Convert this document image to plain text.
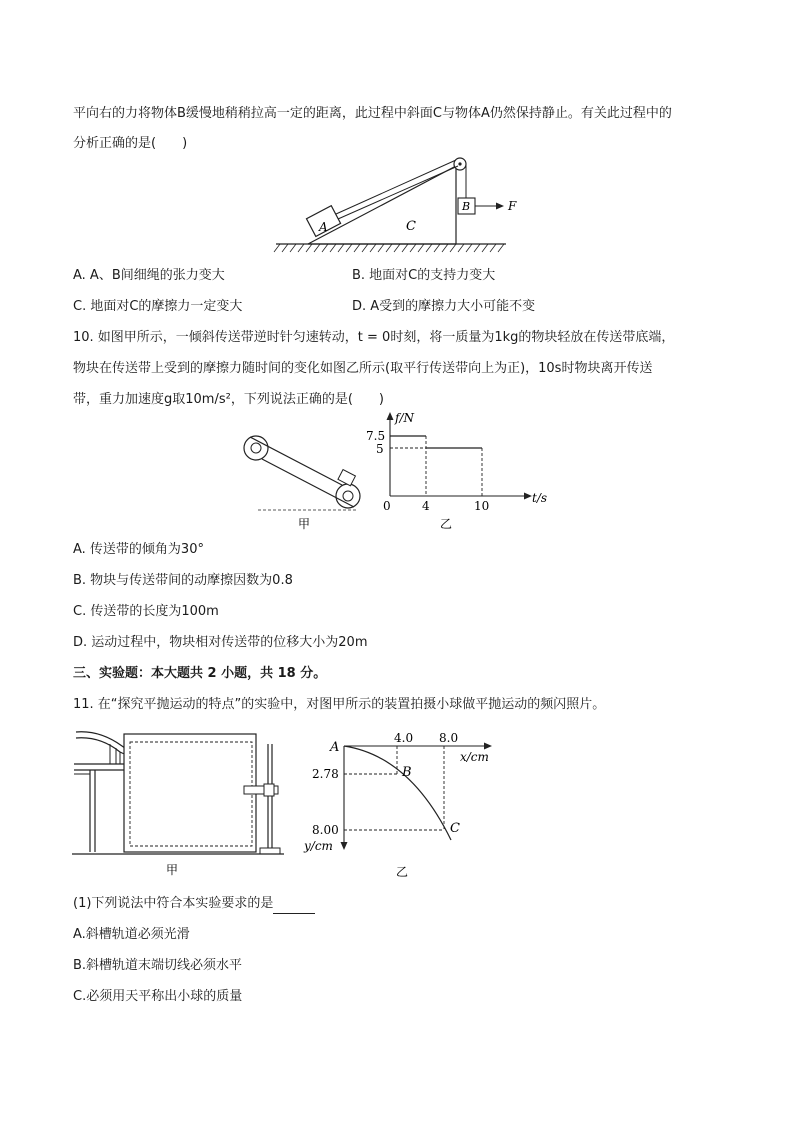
平向右的力将物体B缓慢地稍稍拉高一定的距离，此过程中斜面C与物体A仍然保持静止。有关此过程中的
分析正确的是(　　)
A	C
B	F
A. A、B间细绳的张力变大	B. 地面对C的支持力变大
C. 地面对C的摩擦力一定变大	D. A受到的摩擦力大小可能不变
10. 如图甲所示，一倾斜传送带逆时针匀速转动，t = 0时刻，将一质量为1kg的物块轻放在传送带底端，
物块在传送带上受到的摩擦力随时间的变化如图乙所示(取平行传送带向上为正)，10s时物块离开传送
带，重力加速度g取10m/s²，下列说法正确的是(　　)
甲
f/N
7.5
5
0	4	10
t/s
乙
A. 传送带的倾角为30°
B. 物块与传送带间的动摩擦因数为0.8
C. 传送带的长度为100m
D. 运动过程中，物块相对传送带的位移大小为20m
三、实验题：本大题共 2 小题，共 18 分。
11. 在“探究平抛运动的特点”的实验中，对图甲所示的装置拍摄小球做平抛运动的频闪照片。
甲
A
4.0 8.0
x/cm
2.78	B
8.00	C
y/cm
乙
(1)下列说法中符合本实验要求的是
A.斜槽轨道必须光滑
B.斜槽轨道末端切线必须水平
C.必须用天平称出小球的质量
